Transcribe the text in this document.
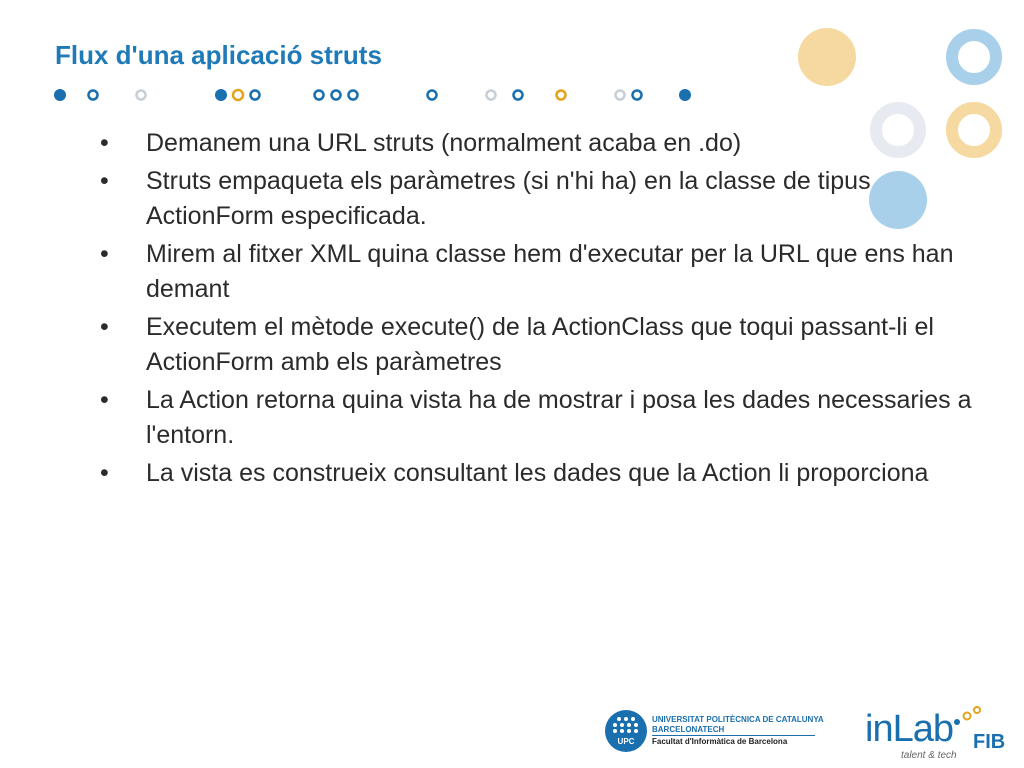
Flux d'una aplicació struts
• Demanem una URL struts (normalment acaba en .do)
• Struts empaqueta els paràmetres (si n'hi ha) en la classe de tipus ActionForm especificada.
• Mirem al fitxer XML quina classe hem d'executar per la URL que ens han demant
• Executem el mètode execute() de la ActionClass que toqui passant-li el ActionForm amb els paràmetres
• La Action retorna quina vista ha de mostrar i posa les dades necessaries a l'entorn.
• La vista es construeix consultant les dades que la Action li proporciona
UPC
UNIVERSITAT POLITÈCNICA DE CATALUNYA
BARCELONATECH
Facultat d'Informàtica de Barcelona inLab FIB
talent & tech
